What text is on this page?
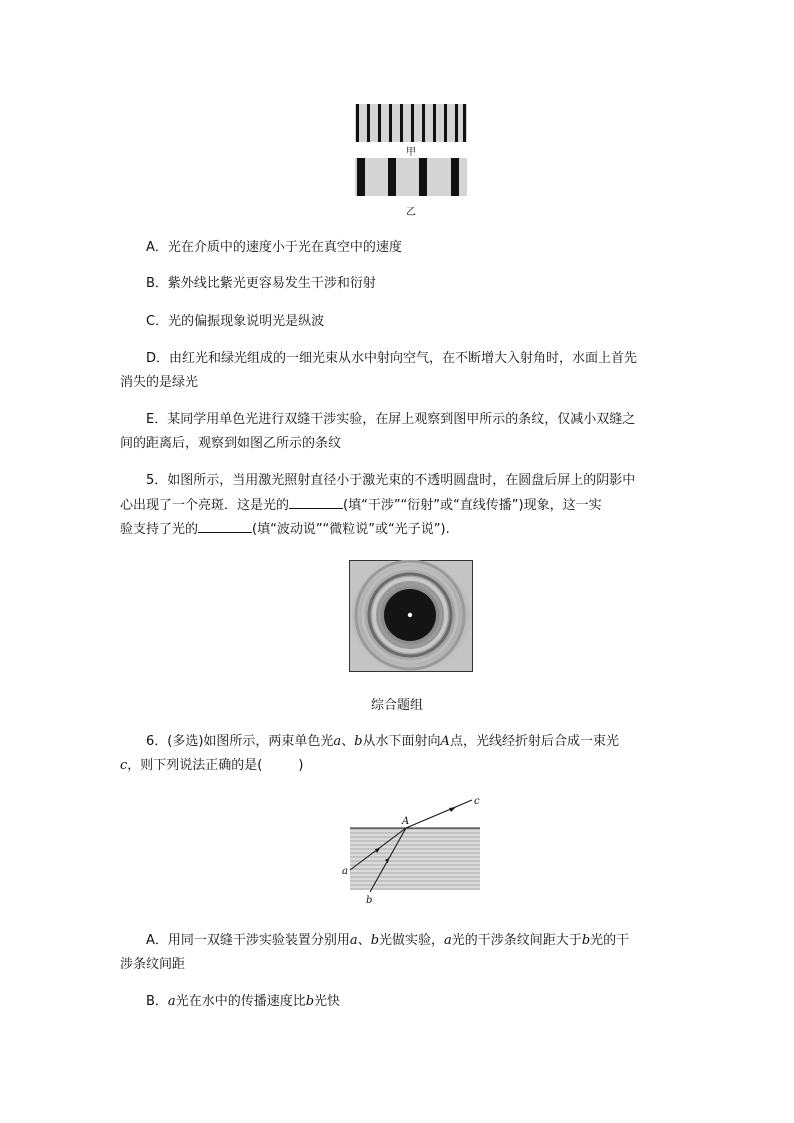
甲
乙
A．光在介质中的速度小于光在真空中的速度
B．紫外线比紫光更容易发生干涉和衍射
C．光的偏振现象说明光是纵波
D．由红光和绿光组成的一细光束从水中射向空气，在不断增大入射角时，水面上首先
消失的是绿光
E．某同学用单色光进行双缝干涉实验，在屏上观察到图甲所示的条纹，仅减小双缝之
间的距离后，观察到如图乙所示的条纹
5．如图所示，当用激光照射直径小于激光束的不透明圆盘时，在圆盘后屏上的阴影中
心出现了一个亮斑．这是光的	(填“干涉”“衍射”或“直线传播”)现象，这一实
验支持了光的	(填“波动说”“微粒说”或“光子说”).
综合题组
6．(多选)如图所示，两束单色光a、b从水下面射向A点，光线经折射后合成一束光
c，则下列说法正确的是(	)
A
a
b
c
A．用同一双缝干涉实验装置分别用a、b光做实验，a光的干涉条纹间距大于b光的干
涉条纹间距
B．a光在水中的传播速度比b光快
